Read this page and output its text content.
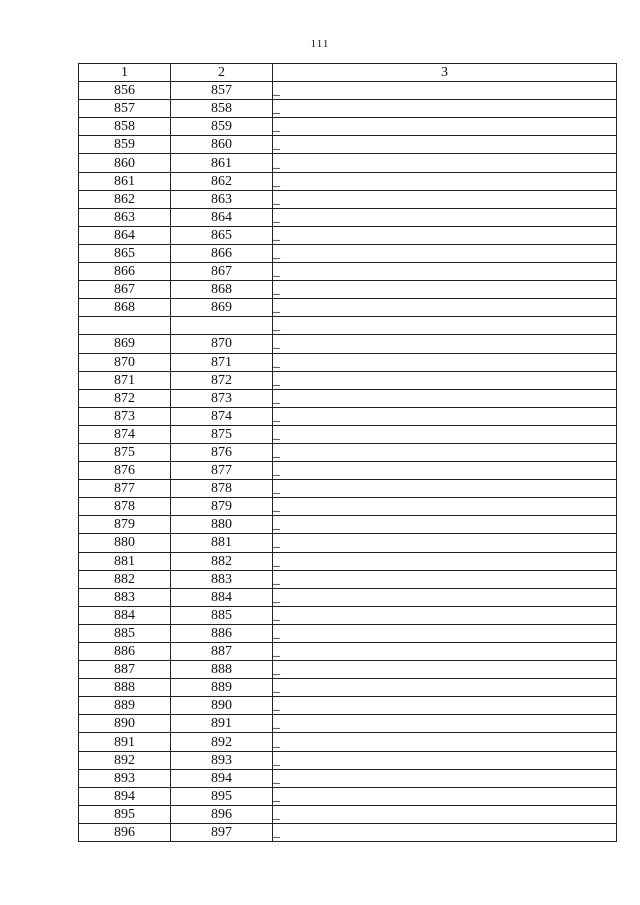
111
1	2	3
856	857	_
857	858	_
858	859	_
859	860	_
860	861	_
861	862	_
862	863	_
863	864	_
864	865	_
865	866	_
866	867	_
867	868	_
868	869	_
		_
869	870	_
870	871	_
871	872	_
872	873	_
873	874	_
874	875	_
875	876	_
876	877	_
877	878	_
878	879	_
879	880	_
880	881	_
881	882	_
882	883	_
883	884	_
884	885	_
885	886	_
886	887	_
887	888	_
888	889	_
889	890	_
890	891	_
891	892	_
892	893	_
893	894	_
894	895	_
895	896	_
896	897	_
